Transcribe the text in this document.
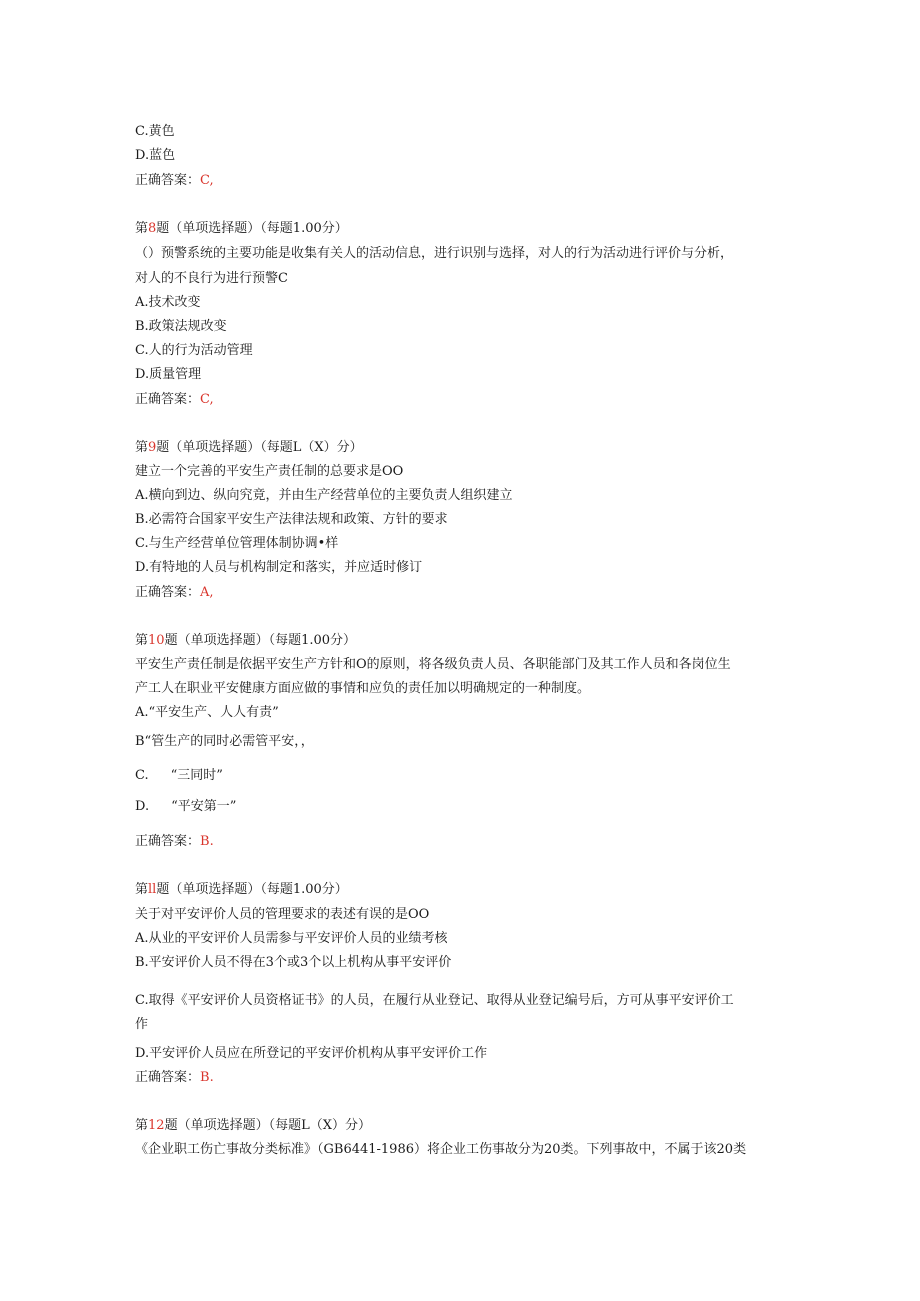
C.黄色
D.蓝色
正确答案：C,
第8题（单项选择题）（每题1.00分）
（）预警系统的主要功能是收集有关人的活动信息，进行识别与选择，对人的行为活动进行评价与分析，
对人的不良行为进行预警C
A.技术改变
B.政策法规改变
C.人的行为活动管理
D.质量管理
正确答案：C,
第9题（单项选择题）（每题L（X）分）
建立一个完善的平安生产责任制的总要求是OO
A.横向到边、纵向究竟，并由生产经营单位的主要负责人组织建立
B.必需符合国家平安生产法律法规和政策、方针的要求
C.与生产经营单位管理体制协调•样
D.有特地的人员与机构制定和落实，并应适时修订
正确答案：A,
第10题（单项选择题）（每题1.00分）
平安生产责任制是依据平安生产方针和O的原则，将各级负责人员、各职能部门及其工作人员和各岗位生
产工人在职业平安健康方面应做的事情和应负的责任加以明确规定的一种制度。
A.“平安生产、人人有责”
B“管生产的同时必需管平安，，
C. “三同时”
D. “平安第一”
正确答案：B.
第ll题（单项选择题）（每题1.00分）
关于对平安评价人员的管理要求的表述有误的是OO
A.从业的平安评价人员需参与平安评价人员的业绩考核
B.平安评价人员不得在3个或3个以上机构从事平安评价
C.取得《平安评价人员资格证书》的人员，在履行从业登记、取得从业登记编号后，方可从事平安评价工
作
D.平安评价人员应在所登记的平安评价机构从事平安评价工作
正确答案：B.
第12题（单项选择题）（每题L（X）分）
《企业职工伤亡事故分类标准》（GB6441-1986）将企业工伤事故分为20类。下列事故中，不属于该20类
